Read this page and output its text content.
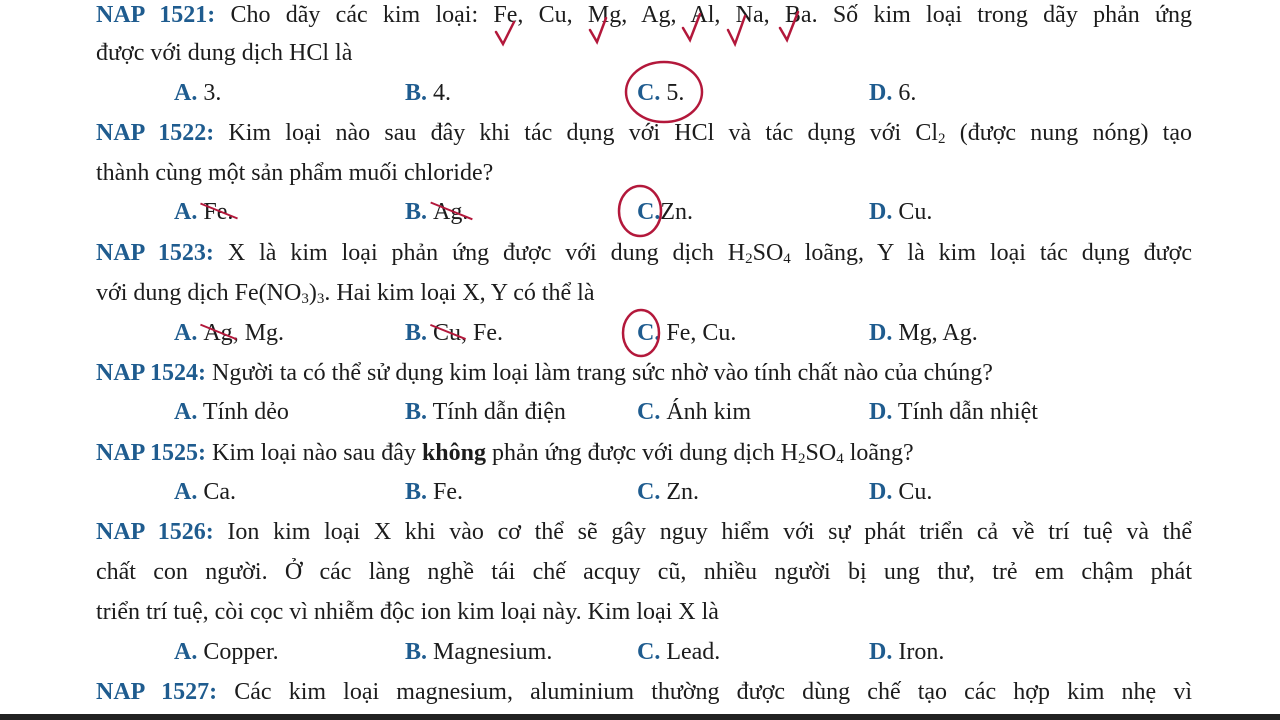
NAP 1521: Cho dãy các kim loại: Fe, Cu, Mg, Ag, Al, Na, Ba. Số kim loại trong dãy phản ứng
được với dung dịch HCl là
A. 3.	B. 4.	C. 5.	D. 6.
NAP 1522: Kim loại nào sau đây khi tác dụng với HCl và tác dụng với $Cl_2$ (được nung nóng) tạo
thành cùng một sản phẩm muối chloride?
A. Fe.	B. Ag.	C.Zn.	D. Cu.
NAP 1523: X là kim loại phản ứng được với dung dịch $H_2SO_4$ loãng, Y là kim loại tác dụng được
với dung dịch $Fe(NO_3)_3$. Hai kim loại X, Y có thể là
A. Ag, Mg.	B. Cu, Fe.	C. Fe, Cu.	D. Mg, Ag.
NAP 1524: Người ta có thể sử dụng kim loại làm trang sức nhờ vào tính chất nào của chúng?
A. Tính dẻo	B. Tính dẫn điện	C. Ánh kim	D. Tính dẫn nhiệt
NAP 1525: Kim loại nào sau đây không phản ứng được với dung dịch $H_2SO_4$ loãng?
A. Ca.	B. Fe.	C. Zn.	D. Cu.
NAP 1526: Ion kim loại X khi vào cơ thể sẽ gây nguy hiểm với sự phát triển cả về trí tuệ và thể
chất con người. Ở các làng nghề tái chế acquy cũ, nhiều người bị ung thư, trẻ em chậm phát
triển trí tuệ, còi cọc vì nhiễm độc ion kim loại này. Kim loại X là
A. Copper.	B. Magnesium.	C. Lead.	D. Iron.
NAP 1527: Các kim loại magnesium, aluminium thường được dùng chế tạo các hợp kim nhẹ vì
